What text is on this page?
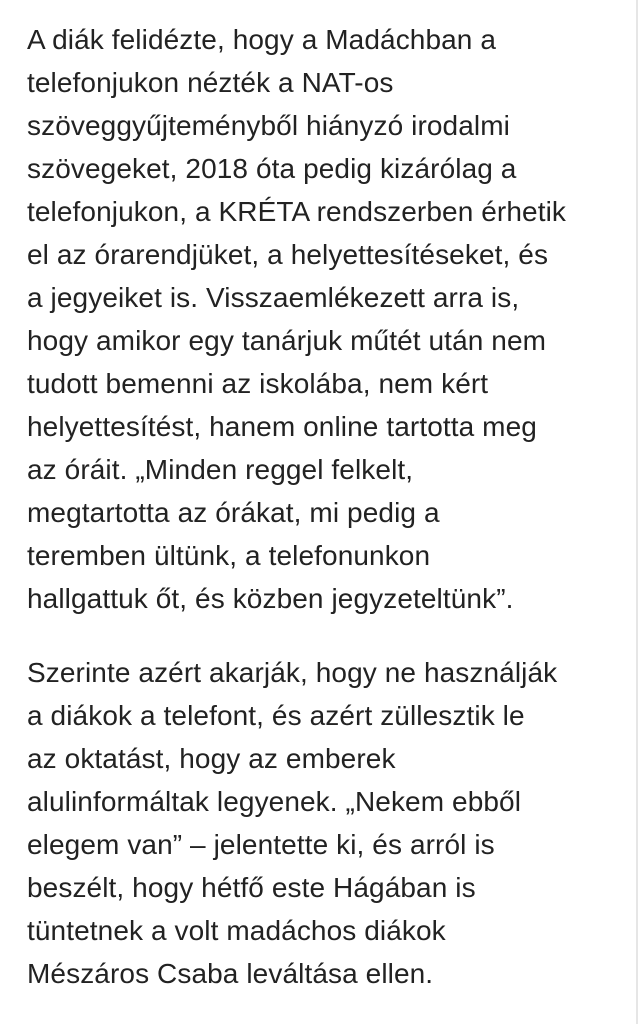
A diák felidézte, hogy a Madáchban a

telefonjukon nézték a NAT-os

szöveggyűjteményből hiányzó irodalmi

szövegeket, 2018 óta pedig kizárólag a

telefonjukon, a KRÉTA rendszerben érhetik

el az órarendjüket, a helyettesítéseket, és

a jegyeiket is. Visszaemlékezett arra is,

hogy amikor egy tanárjuk műtét után nem

tudott bemenni az iskolába, nem kért

helyettesítést, hanem online tartotta meg

az óráit. „Minden reggel felkelt,

megtartotta az órákat, mi pedig a

teremben ültünk, a telefonunkon

hallgattuk őt, és közben jegyzeteltünk”.

Szerinte azért akarják, hogy ne használják

a diákok a telefont, és azért züllesztik le

az oktatást, hogy az emberek

alulinformáltak legyenek. „Nekem ebből

elegem van” – jelentette ki, és arról is

beszélt, hogy hétfő este Hágában is

tüntetnek a volt madáchos diákok

Mészáros Csaba leváltása ellen.
